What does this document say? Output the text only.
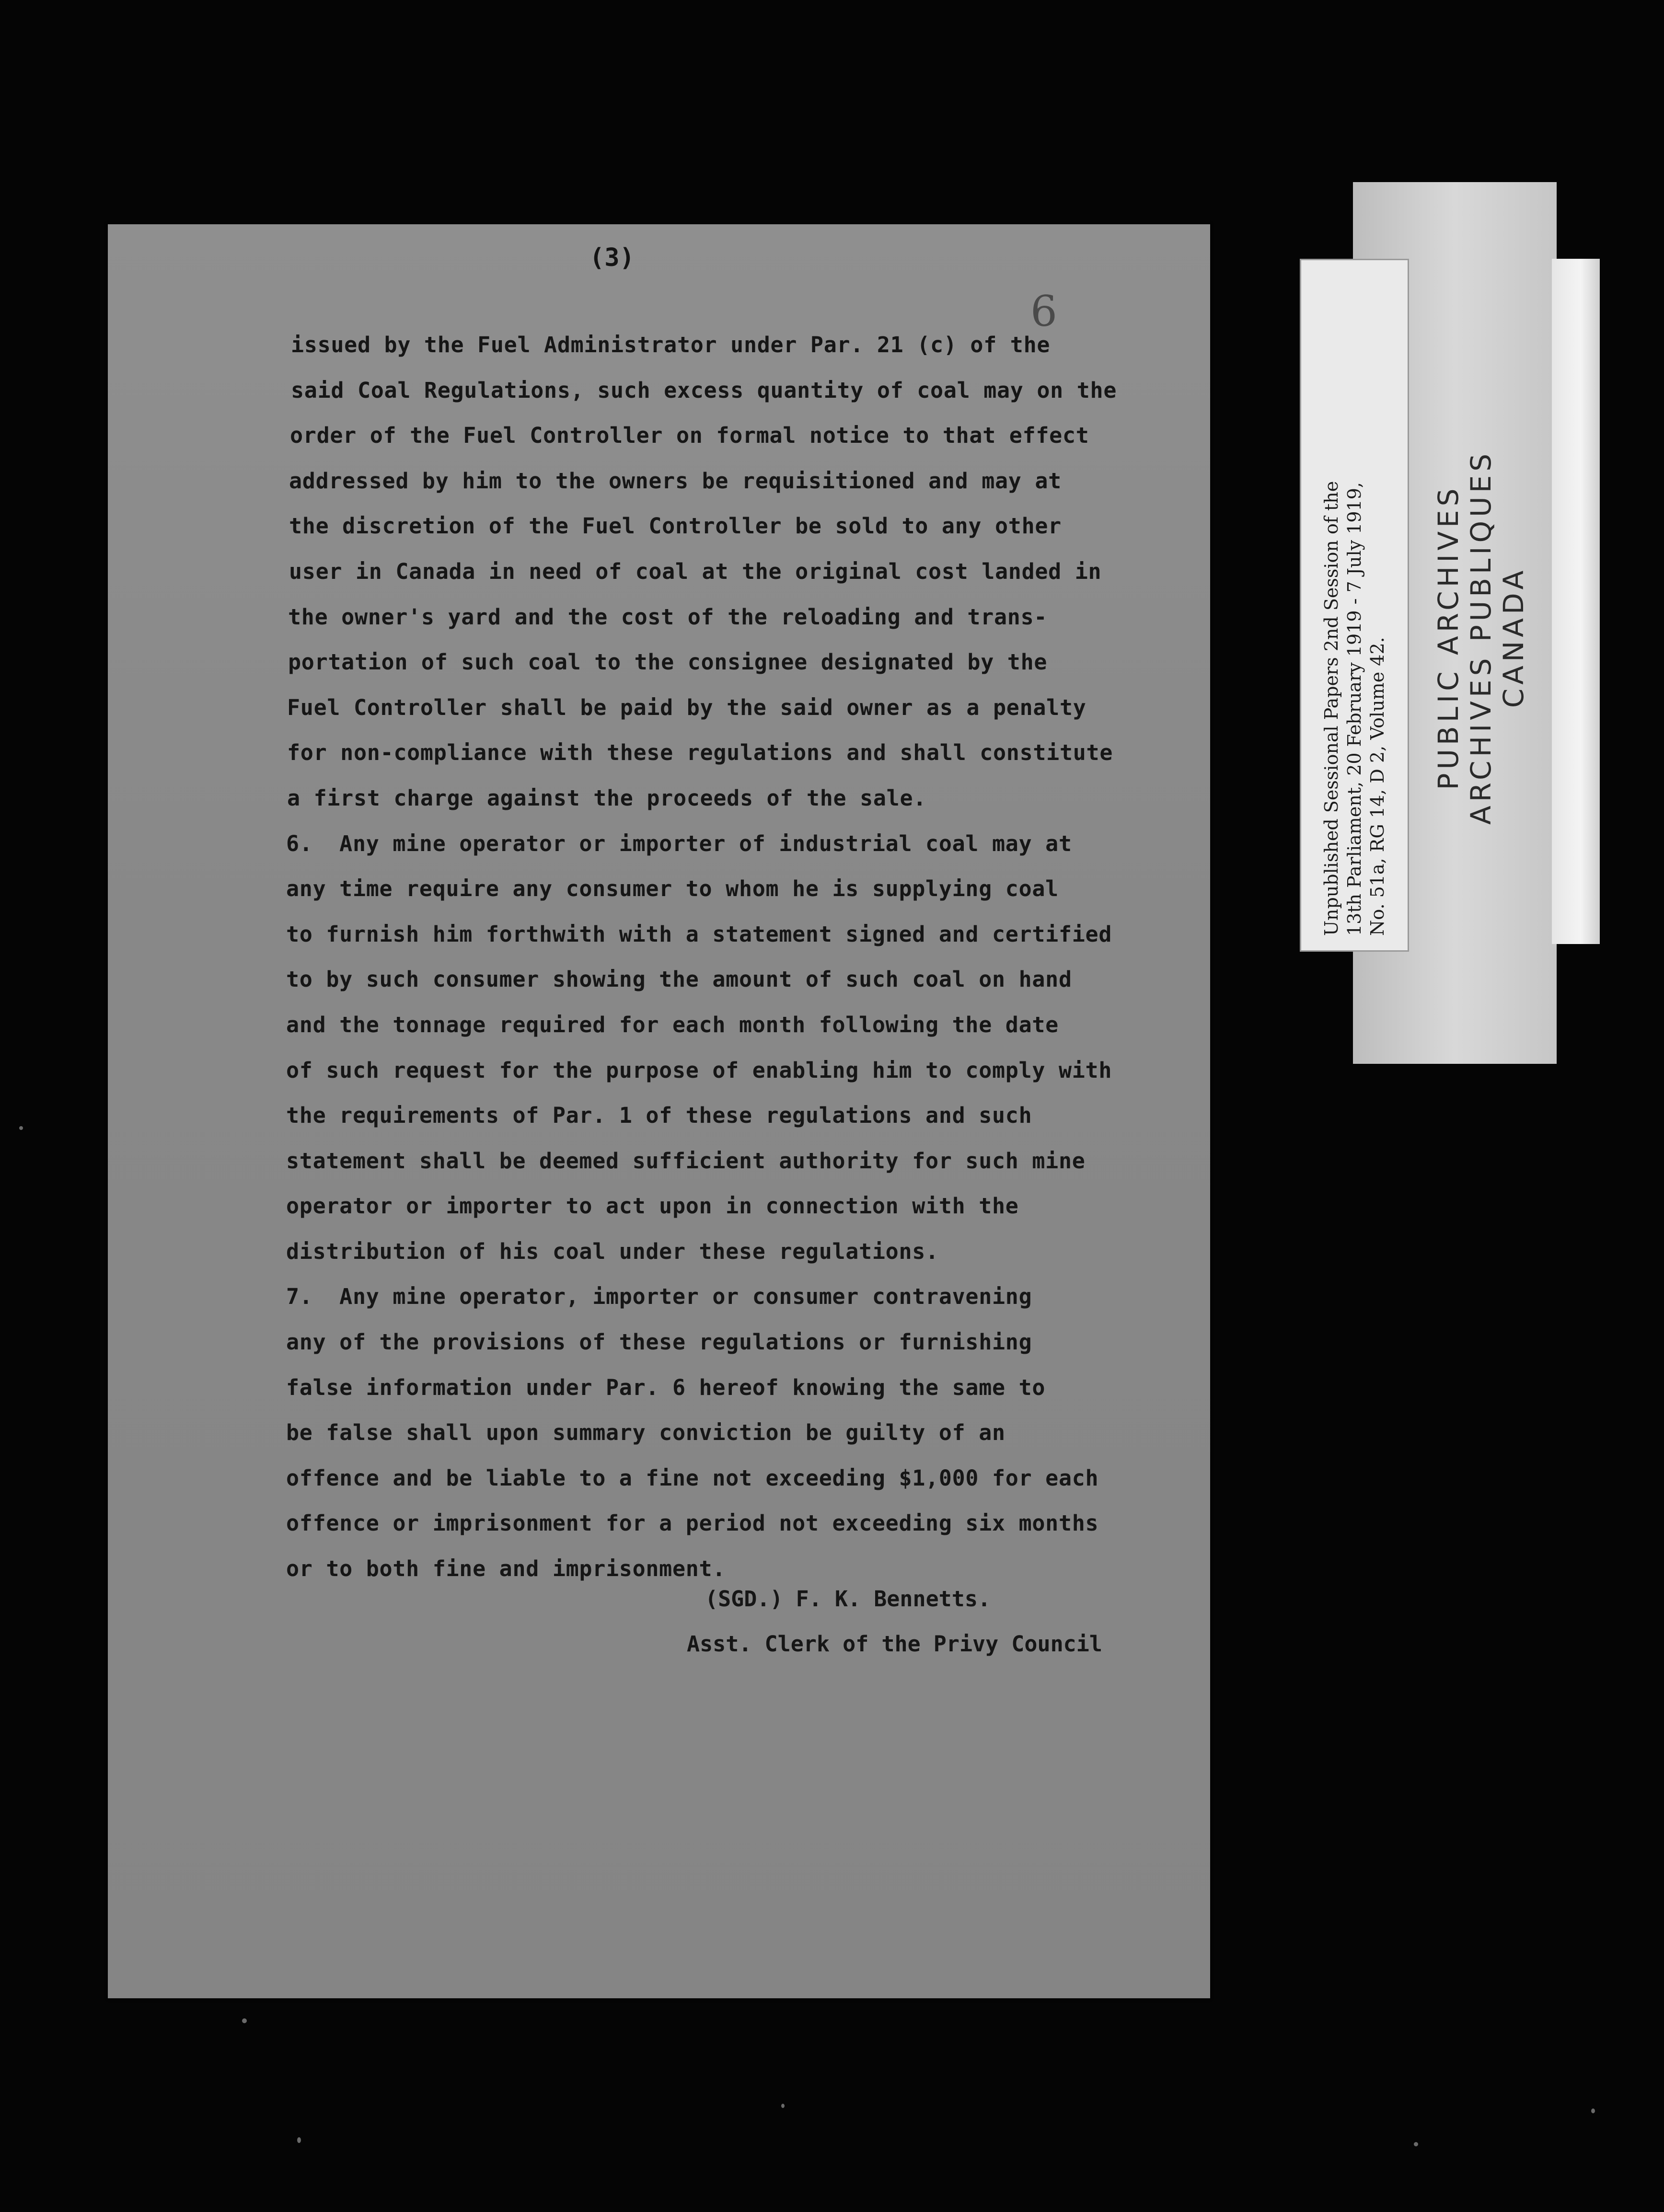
(3)
6
issued by the Fuel Administrator under Par. 21 (c) of the
said Coal Regulations, such excess quantity of coal may on the
order of the Fuel Controller on formal notice to that effect
addressed by him to the owners be requisitioned and may at
the discretion of the Fuel Controller be sold to any other
user in Canada in need of coal at the original cost landed in
the owner's yard and the cost of the reloading and trans-
portation of such coal to the consignee designated by the
Fuel Controller shall be paid by the said owner as a penalty
for non-compliance with these regulations and shall constitute
a first charge against the proceeds of the sale.
6.  Any mine operator or importer of industrial coal may at
any time require any consumer to whom he is supplying coal
to furnish him forthwith with a statement signed and certified
to by such consumer showing the amount of such coal on hand
and the tonnage required for each month following the date
of such request for the purpose of enabling him to comply with
the requirements of Par. 1 of these regulations and such
statement shall be deemed sufficient authority for such mine
operator or importer to act upon in connection with the
distribution of his coal under these regulations.
7.  Any mine operator, importer or consumer contravening
any of the provisions of these regulations or furnishing
false information under Par. 6 hereof knowing the same to
be false shall upon summary conviction be guilty of an
offence and be liable to a fine not exceeding $1,000 for each
offence or imprisonment for a period not exceeding six months
or to both fine and imprisonment.
(SGD.) F. K. Bennetts.
Asst. Clerk of the Privy Council
Unpublished Sessional Papers 2nd Session of the 13th Parliament, 20 February 1919 - 7 July 1919, No. 51a, RG 14, D 2, Volume 42. PUBLIC ARCHIVES ARCHIVES PUBLIQUES CANADA
